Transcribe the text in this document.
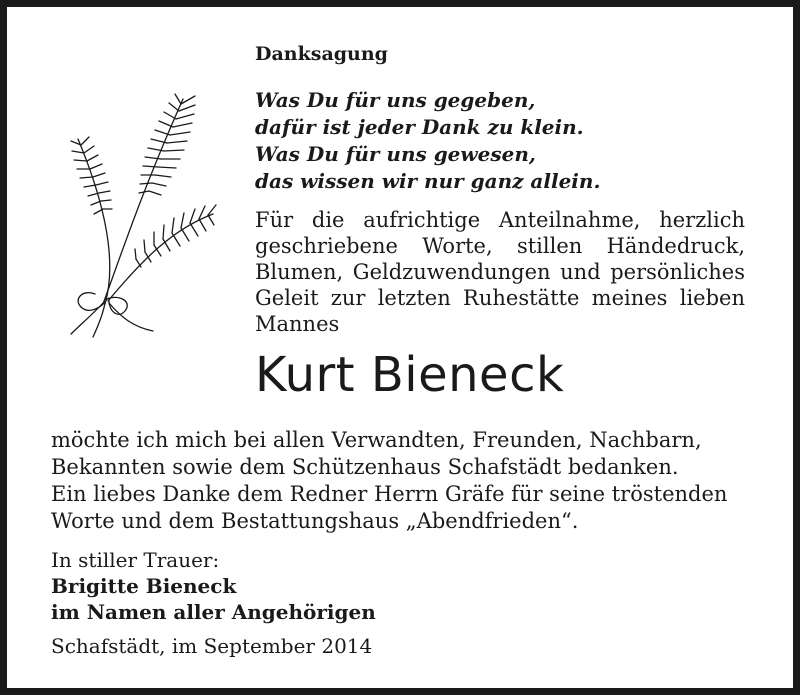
Danksagung

Was Du für uns gegeben,
dafür ist jeder Dank zu klein.
Was Du für uns gewesen,
das wissen wir nur ganz allein.

Für die aufrichtige Anteilnahme, herzlich geschriebene Worte, stillen Händedruck, Blumen, Geldzuwendungen und persönliches Geleit zur letzten Ruhestätte meines lieben Mannes

Kurt Bieneck

möchte ich mich bei allen Verwandten, Freunden, Nachbarn,
Bekannten sowie dem Schützenhaus Schafstädt bedanken.
Ein liebes Danke dem Redner Herrn Gräfe für seine tröstenden
Worte und dem Bestattungshaus „Abendfrieden“.
In stiller Trauer:
Brigitte Bieneck
im Namen aller Angehörigen

Schafstädt, im September 2014
